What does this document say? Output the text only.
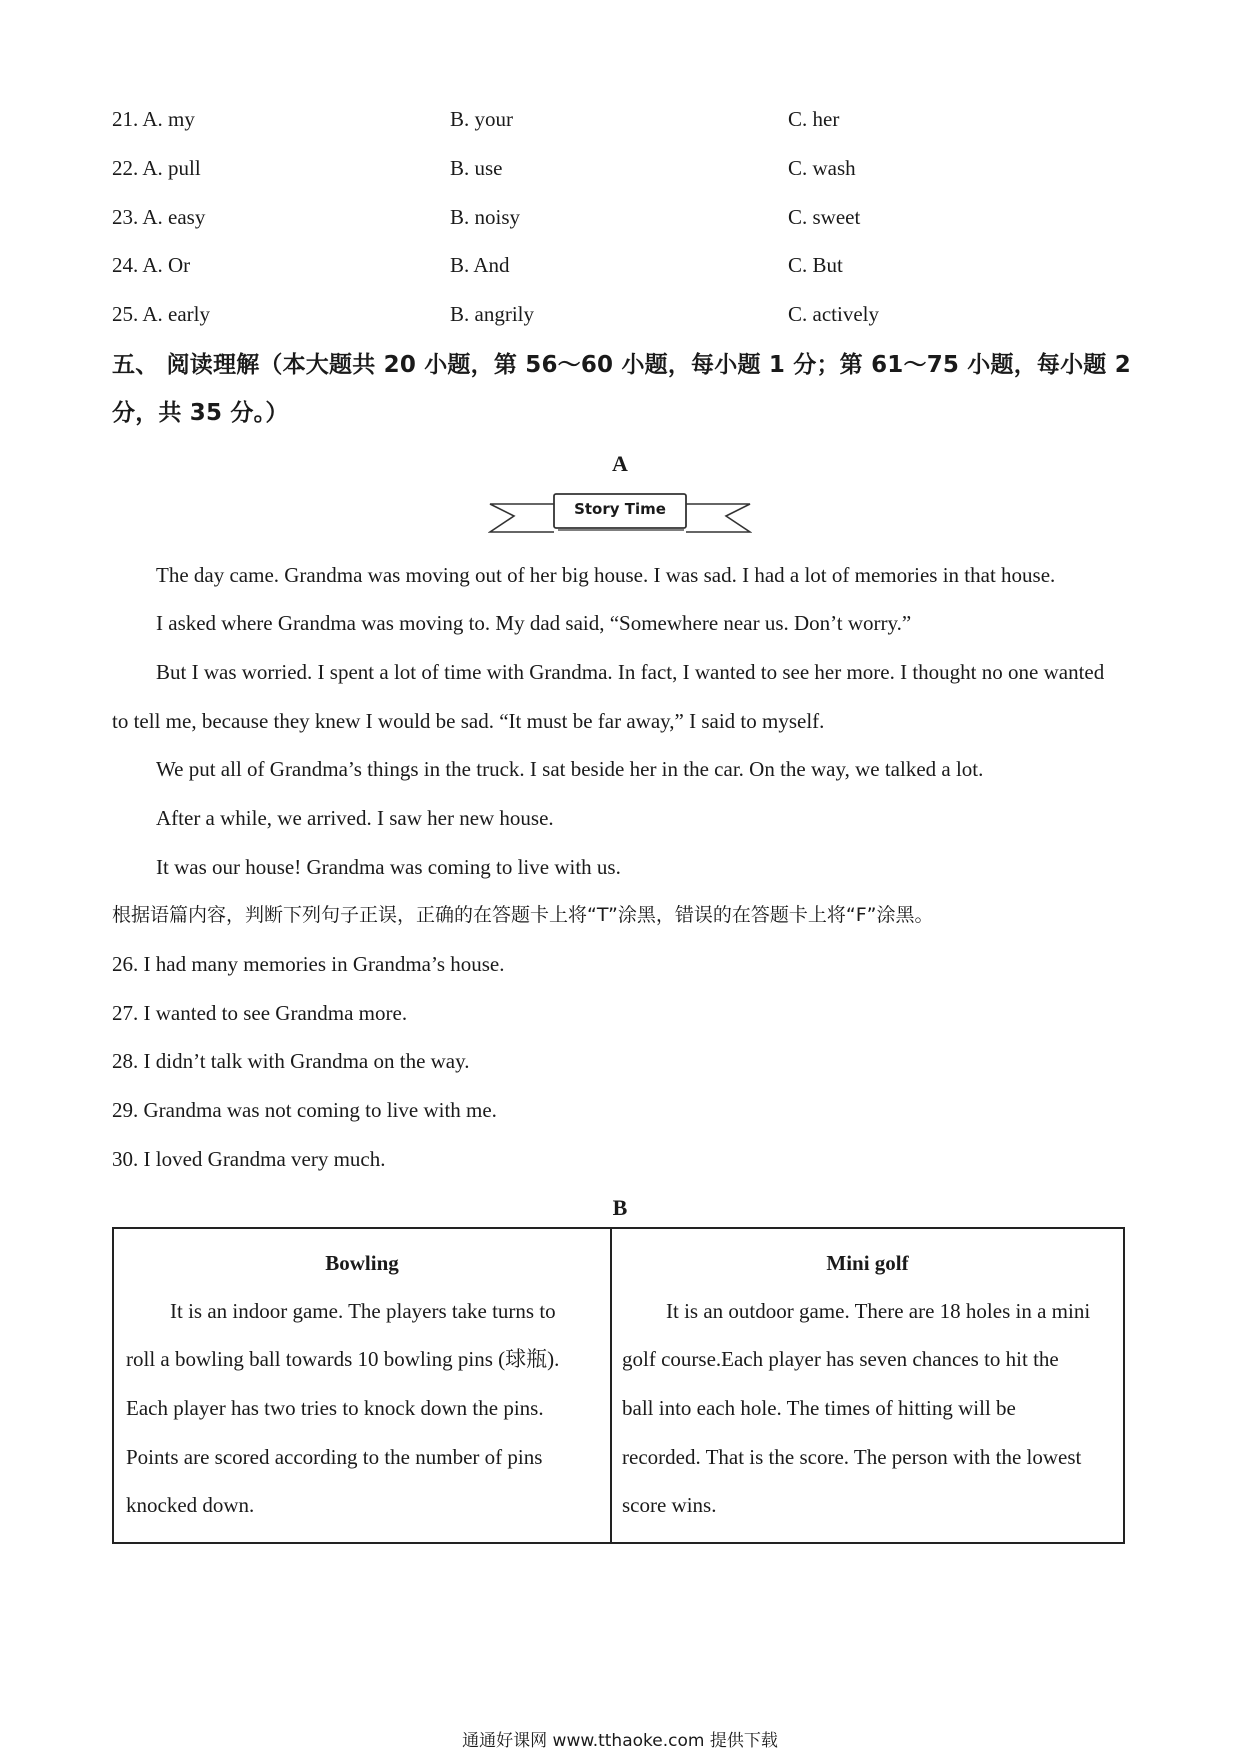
21. A. my	B. your	C. her
22. A. pull	B. use	C. wash
23. A. easy	B. noisy	C. sweet
24. A. Or	B. And	C. But
25. A. early	B. angrily	C. actively
五、 阅读理解（本大题共 20 小题，第 56～60 小题，每小题 1 分；第 61～75 小题，每小题 2
分，共 35 分。）
A
Story Time
The day came. Grandma was moving out of her big house. I was sad. I had a lot of memories in that house.
I asked where Grandma was moving to. My dad said, “Somewhere near us. Don’t worry.”
But I was worried. I spent a lot of time with Grandma. In fact, I wanted to see her more. I thought no one wanted
to tell me, because they knew I would be sad. “It must be far away,” I said to myself.
We put all of Grandma’s things in the truck. I sat beside her in the car. On the way, we talked a lot.
After a while, we arrived. I saw her new house.
It was our house! Grandma was coming to live with us.
根据语篇内容，判断下列句子正误，正确的在答题卡上将“T”涂黑，错误的在答题卡上将“F”涂黑。
26. I had many memories in Grandma’s house.
27. I wanted to see Grandma more.
28. I didn’t talk with Grandma on the way.
29. Grandma was not coming to live with me.
30. I loved Grandma very much.
B
Bowling
It is an indoor game. The players take turns to
roll a bowling ball towards 10 bowling pins (球瓶).
Each player has two tries to knock down the pins.
Points are scored according to the number of pins
knocked down.

Mini golf
It is an outdoor game. There are 18 holes in a mini
golf course.Each player has seven chances to hit the
ball into each hole. The times of hitting will be
recorded. That is the score. The person with the lowest
score wins.
通通好课网 www.tthaoke.com 提供下载
